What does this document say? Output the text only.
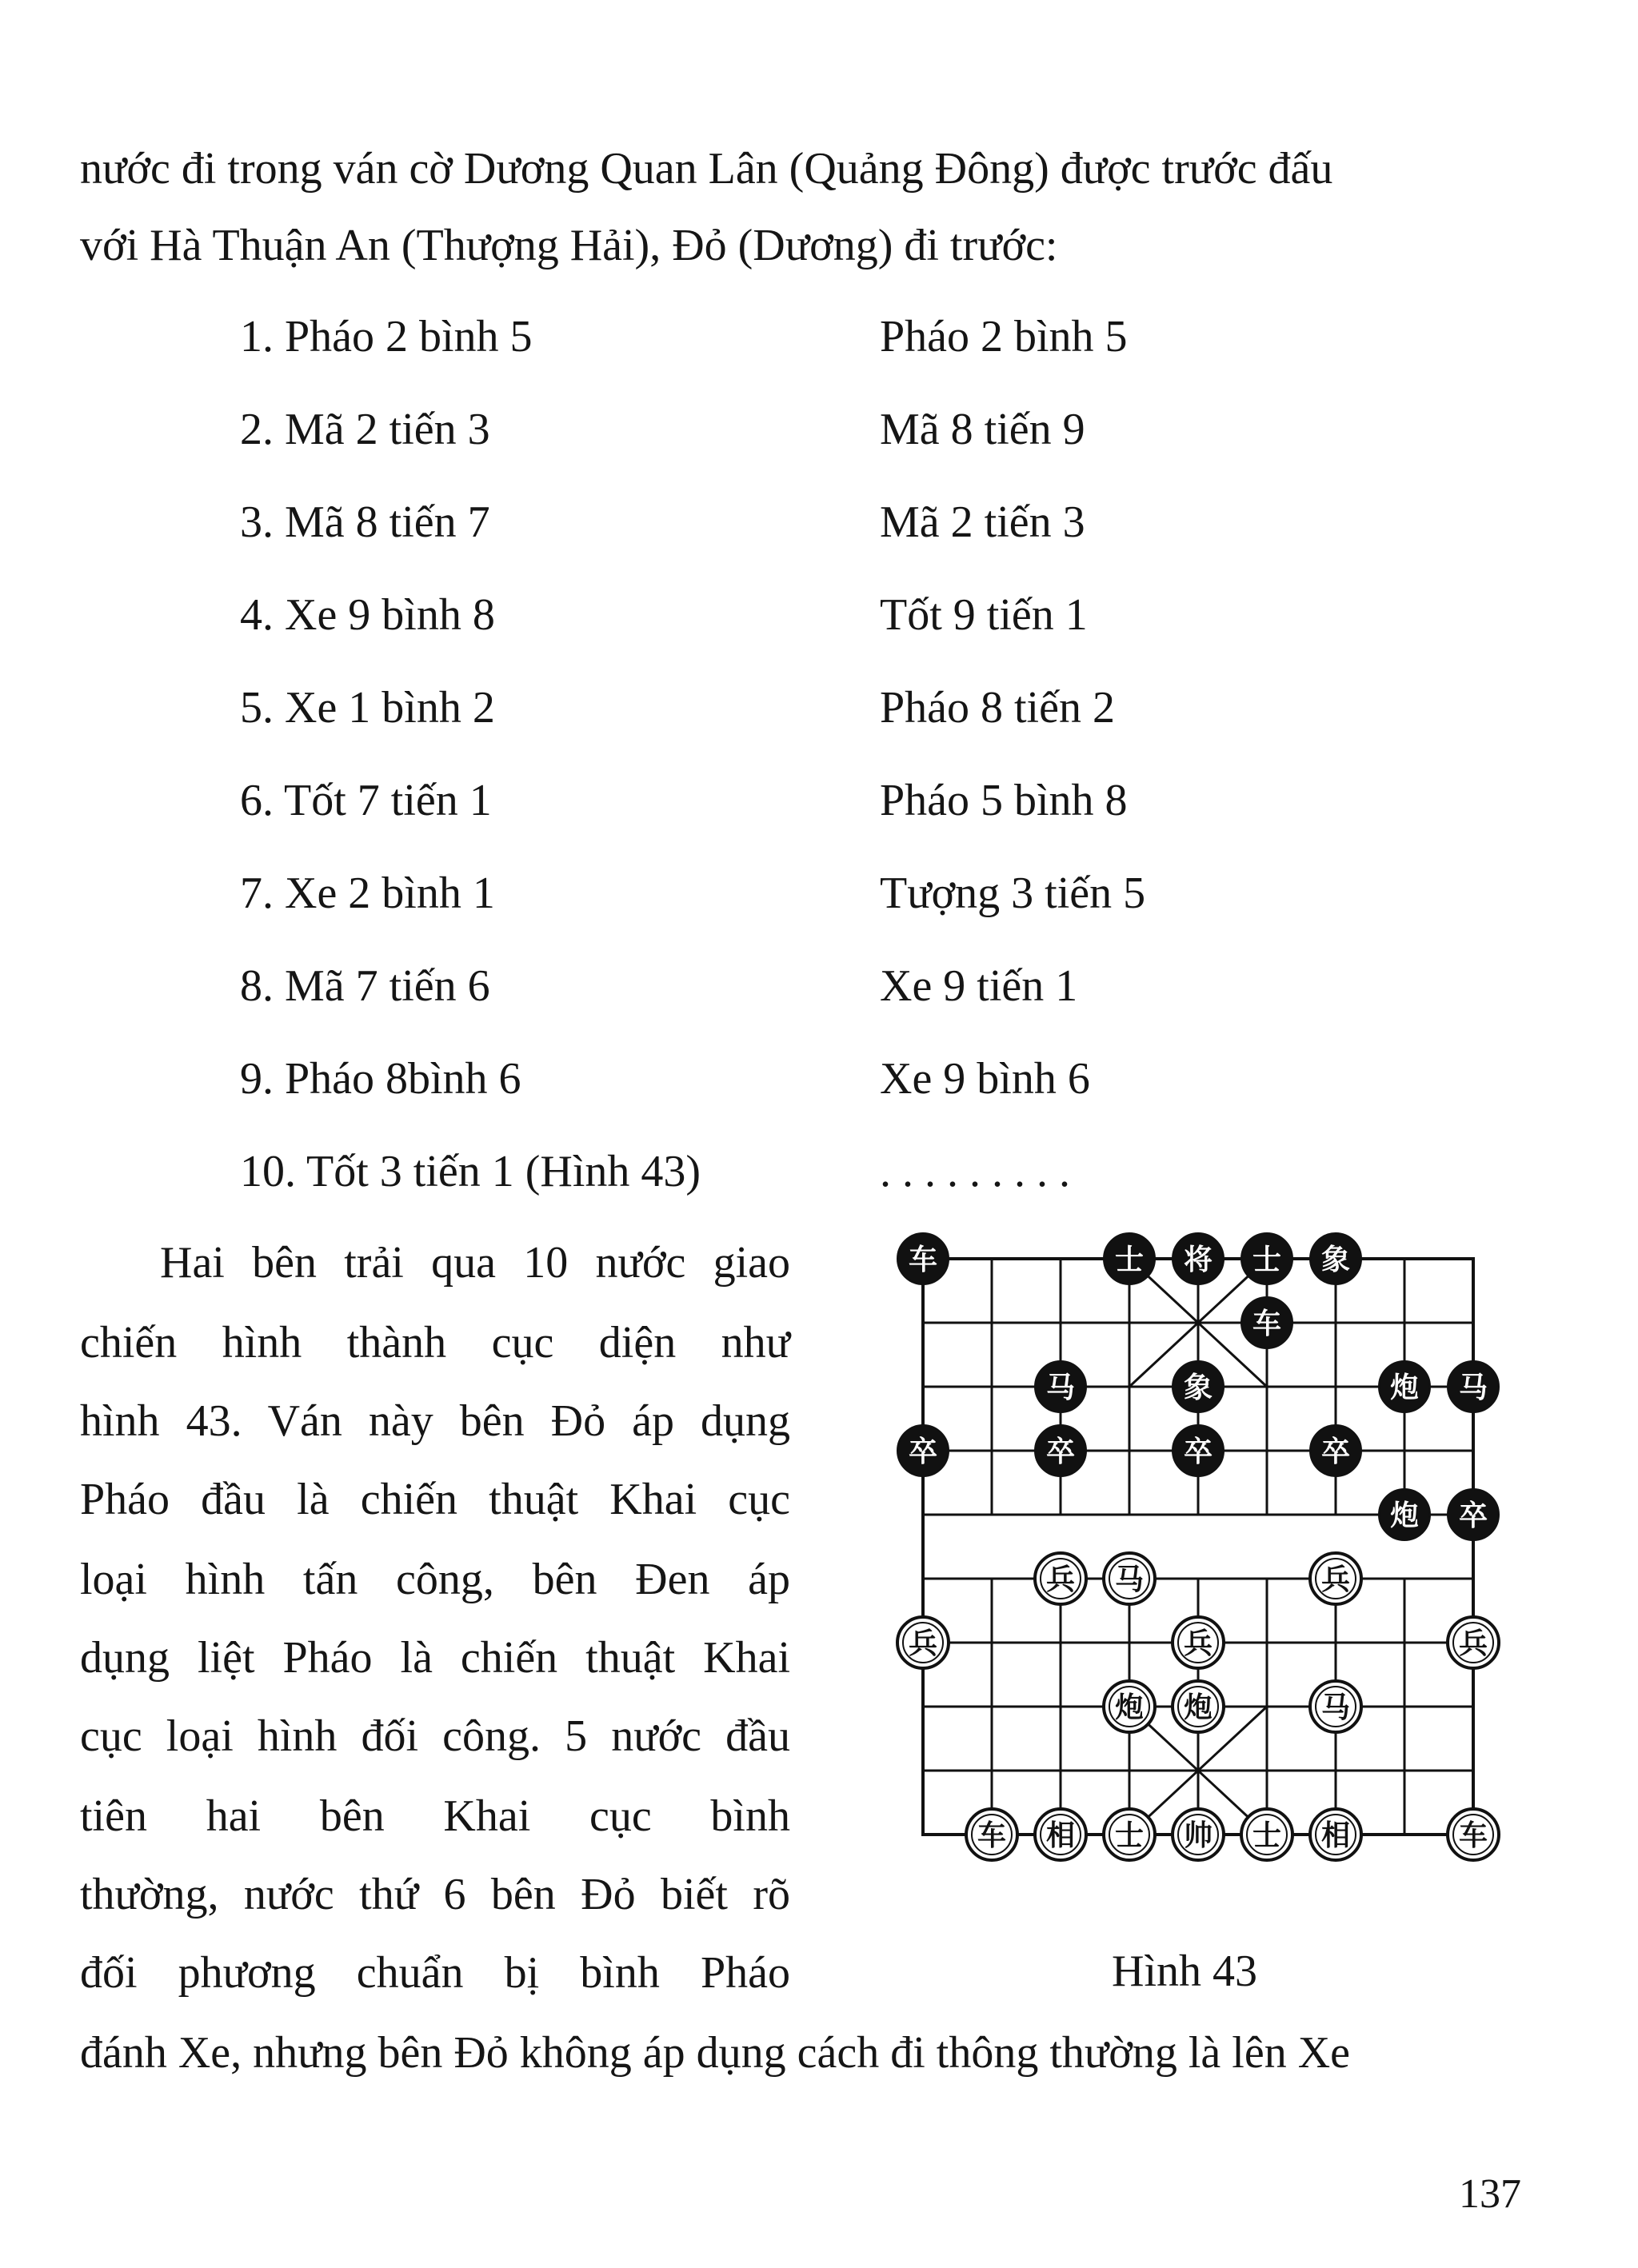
nước đi trong ván cờ Dương Quan Lân (Quảng Đông) được trước đấu
với Hà Thuận An (Thượng Hải), Đỏ (Dương) đi trước:
1. Pháo 2 bình 5	Pháo 2 bình 5
2. Mã 2 tiến 3	Mã 8 tiến 9
3. Mã 8 tiến 7	Mã 2 tiến 3
4. Xe 9 bình 8	Tốt 9 tiến 1
5. Xe 1 bình 2	Pháo 8 tiến 2
6. Tốt 7 tiến 1	Pháo 5 bình 8
7. Xe 2 bình 1	Tượng 3 tiến 5
8. Mã 7 tiến 6	Xe 9 tiến 1
9. Pháo 8bình 6	Xe 9 bình 6
10. Tốt 3 tiến 1 (Hình 43)	. . . . . . . . .
Hai bên trải qua 10 nước giao
chiến hình thành cục diện như
hình 43. Ván này bên Đỏ áp dụng
Pháo đầu là chiến thuật Khai cục
loại hình tấn công, bên Đen áp
dụng liệt Pháo là chiến thuật Khai
cục loại hình đối công. 5 nước đầu
tiên hai bên Khai cục bình
thường, nước thứ 6 bên Đỏ biết rõ
đối phương chuẩn bị bình Pháo
车	士 将 士 象
车
马	象	炮 马
卒	卒	卒	卒
炮 卒
兵 马	兵
兵	兵	兵
炮 炮	马
车 相 士 帅 士 相	车
Hình 43
đánh Xe, nhưng bên Đỏ không áp dụng cách đi thông thường là lên Xe
137
